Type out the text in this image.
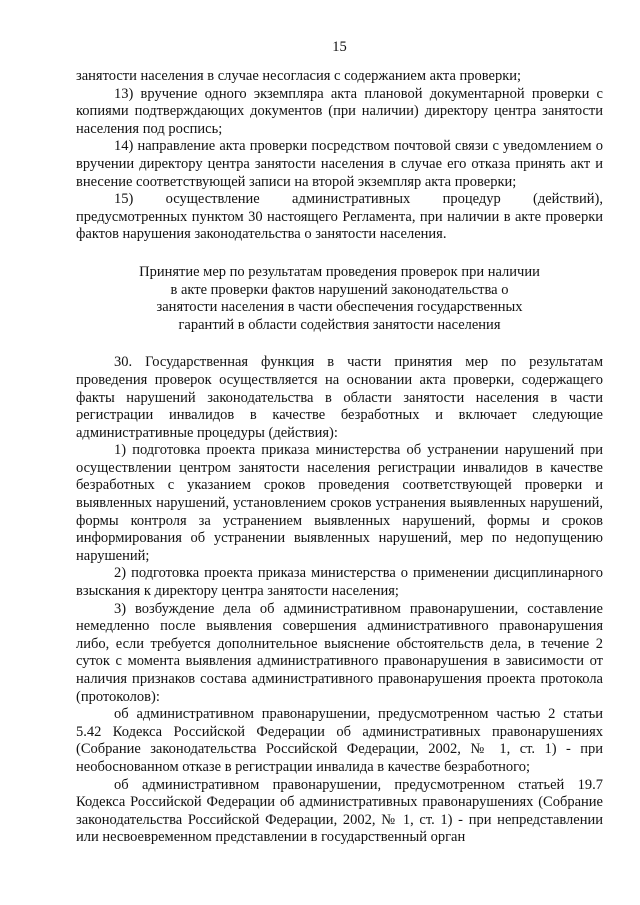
15

занятости населения в случае несогласия с содержанием акта проверки;

13) вручение одного экземпляра акта плановой документарной проверки с копиями подтверждающих документов (при наличии) директору центра занятости населения под роспись;

14) направление акта проверки посредством почтовой связи с уведомлением о вручении директору центра занятости населения в случае его отказа принять акт и внесение соответствующей записи на второй экземпляр акта проверки;

15) осуществление административных процедур (действий), предусмотренных пунктом 30 настоящего Регламента, при наличии в акте проверки фактов нарушения законодательства о занятости населения.

Принятие мер по результатам проведения проверок при наличии
в акте проверки фактов нарушений законодательства о
занятости населения в части обеспечения государственных
гарантий в области содействия занятости населения

30. Государственная функция в части принятия мер по результатам проведения проверок осуществляется на основании акта проверки, содержащего факты нарушений законодательства в области занятости населения в части регистрации инвалидов в качестве безработных и включает следующие административные процедуры (действия):

1) подготовка проекта приказа министерства об устранении нарушений при осуществлении центром занятости населения регистрации инвалидов в качестве безработных с указанием сроков проведения соответствующей проверки и выявленных нарушений, установлением сроков устранения выявленных нарушений, формы контроля за устранением выявленных нарушений, формы и сроков информирования об устранении выявленных нарушений, мер по недопущению нарушений;

2) подготовка проекта приказа министерства о применении дисциплинарного взыскания к директору центра занятости населения;

3) возбуждение дела об административном правонарушении, составление немедленно после выявления совершения административного правонарушения либо, если требуется дополнительное выяснение обстоятельств дела, в течение 2 суток с момента выявления административного правонарушения в зависимости от наличия признаков состава административного правонарушения проекта протокола (протоколов):

об административном правонарушении, предусмотренном частью 2 статьи 5.42 Кодекса Российской Федерации об административных правонарушениях (Собрание законодательства Российской Федерации, 2002, № 1, ст. 1) - при необоснованном отказе в регистрации инвалида в качестве безработного;

об административном правонарушении, предусмотренном статьей 19.7 Кодекса Российской Федерации об административных правонарушениях (Собрание законодательства Российской Федерации, 2002, № 1, ст. 1) - при непредставлении или несвоевременном представлении в государственный орган
